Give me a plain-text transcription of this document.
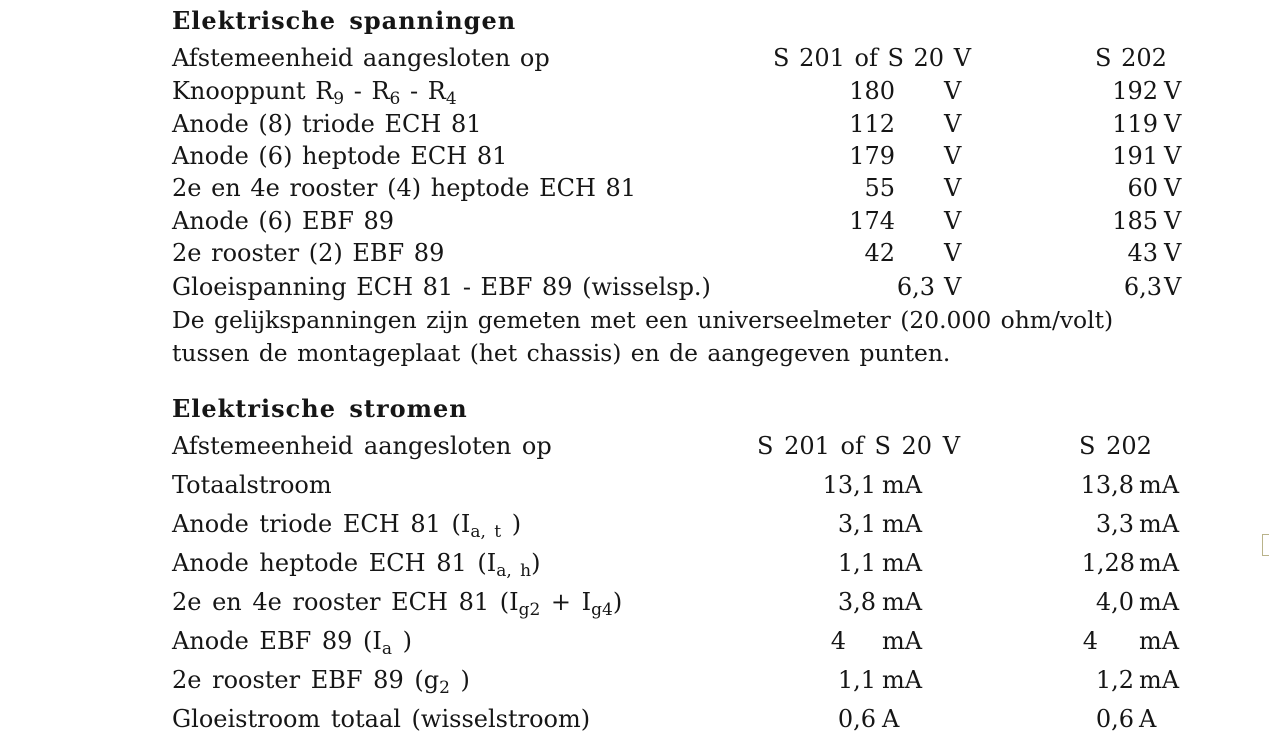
Elektrische spanningen
Afstemeenheid aangesloten op	S 201 of S 20 V	S 202
Knooppunt $R_9 - R_6 - R_4$	180 V	192 V
Anode (8) triode ECH 81	112 V	119 V
Anode (6) heptode ECH 81	179 V	191 V
2e en 4e rooster (4) heptode ECH 81	55 V	60 V
Anode (6) EBF 89	174 V	185 V
2e rooster (2) EBF 89	42 V	43 V
Gloeispanning ECH 81 - EBF 89 (wisselsp.)	6,3 V	6,3 V
De gelijkspanningen zijn gemeten met een universeelmeter (20.000 ohm/volt)
tussen de montageplaat (het chassis) en de aangegeven punten.
Elektrische stromen
Afstemeenheid aangesloten op	S 201 of S 20 V	S 202
Totaalstroom	13,1 mA	13,8 mA
Anode triode ECH 81 ($I_{a, t}$ )	3,1 mA	3,3 mA
Anode heptode ECH 81 $(I_{a, h})$	1,1 mA	1,28 mA
2e en 4e rooster ECH 81 $(I_{g2} + I_{g4})$	3,8 mA	4,0 mA
Anode EBF 89 ($I_a$ )	4 mA	4 mA
2e rooster EBF 89 ($g_2$ )	1,1 mA	1,2 mA
Gloeistroom totaal (wisselstroom)	0,6 A	0,6 A
